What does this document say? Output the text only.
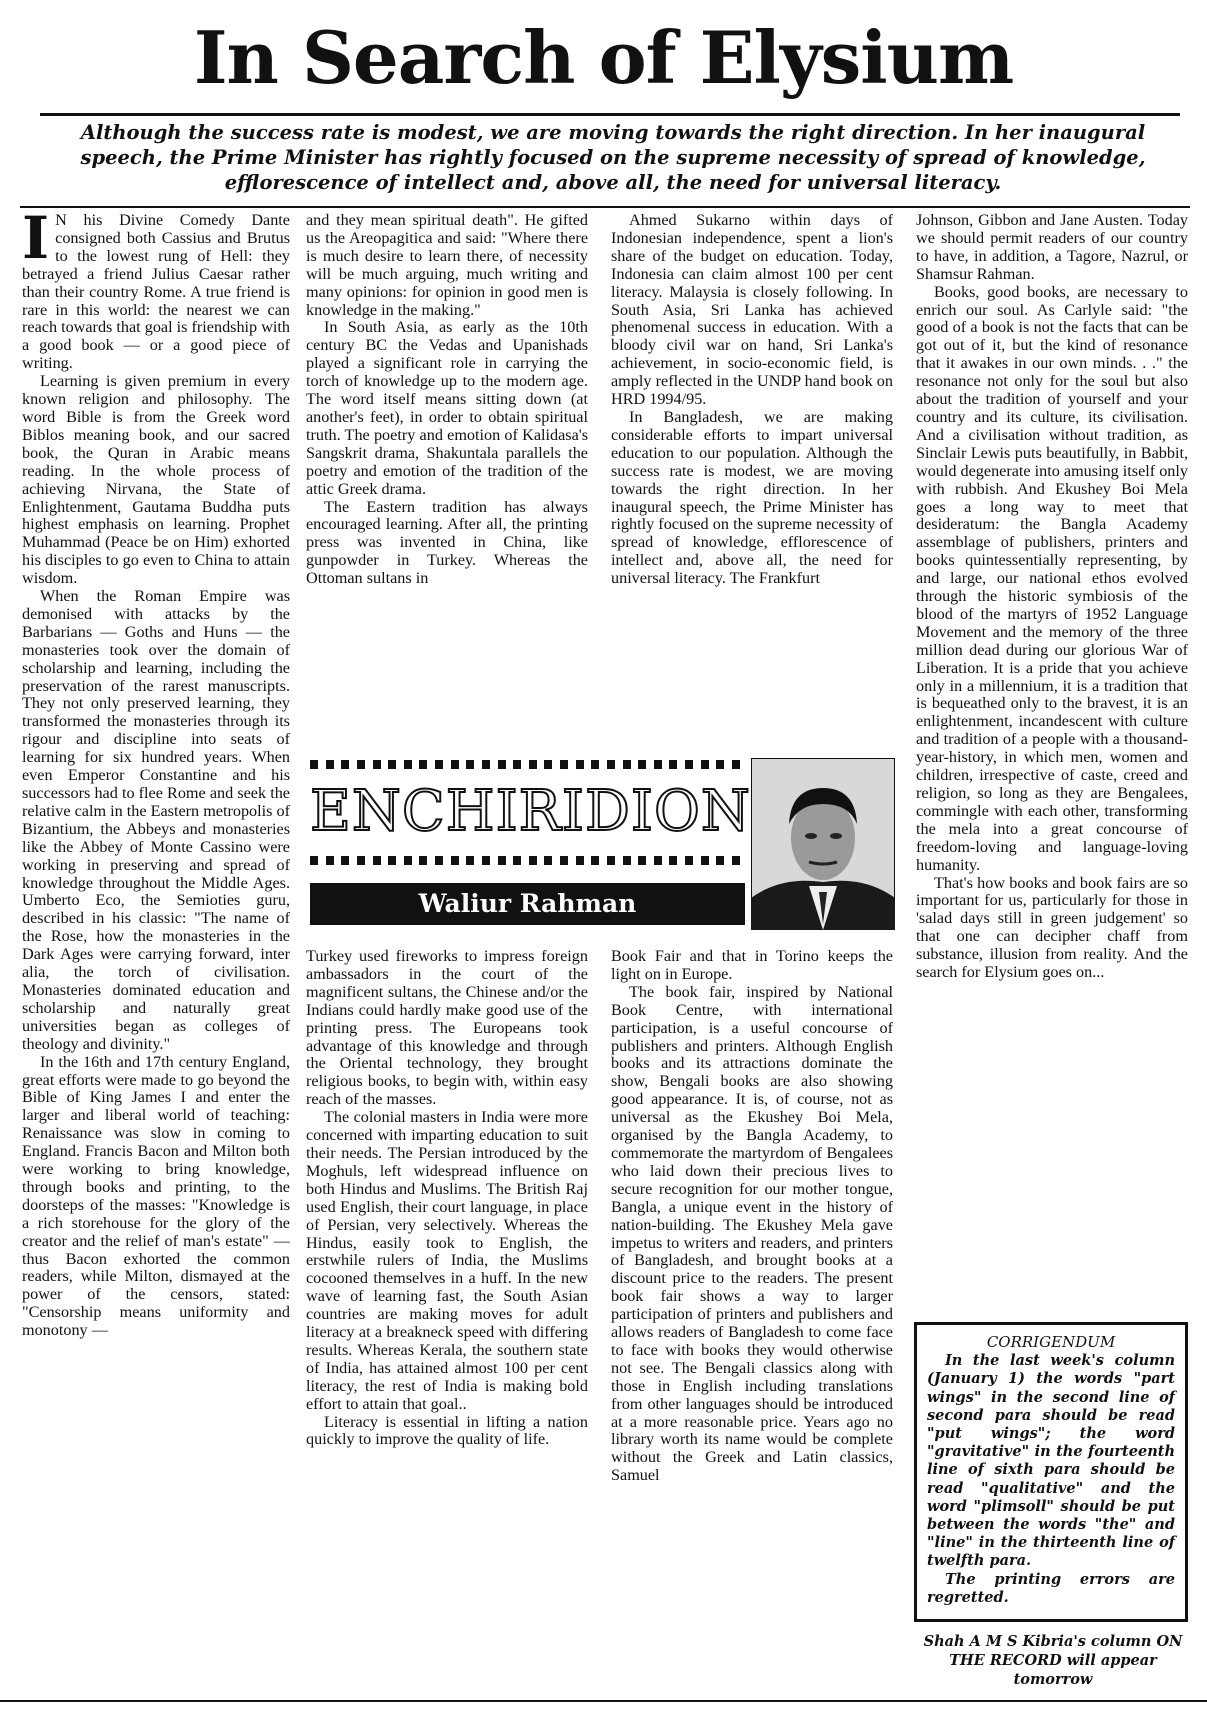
In Search of Elysium
Although the success rate is modest, we are moving towards the right direction. In her inaugural speech, the Prime Minister has rightly focused on the supreme necessity of spread of knowledge, efflorescence of intellect and, above all, the need for universal literacy.

I N his Divine Comedy Dante consigned both Cassius and Brutus to the lowest rung of Hell: they betrayed a friend Julius Caesar rather than their country Rome. A true friend is rare in this world: the nearest we can reach towards that goal is friendship with a good book — or a good piece of writing.

Learning is given premium in every known religion and philosophy. The word Bible is from the Greek word Biblos meaning book, and our sacred book, the Quran in Arabic means reading. In the whole process of achieving Nirvana, the State of Enlightenment, Gautama Buddha puts highest emphasis on learning. Prophet Muhammad (Peace be on Him) exhorted his disciples to go even to China to attain wisdom.

When the Roman Empire was demonised with attacks by the Barbarians — Goths and Huns — the monasteries took over the domain of scholarship and learning, including the preservation of the rarest manuscripts. They not only preserved learning, they transformed the monasteries through its rigour and discipline into seats of learning for six hundred years. When even Emperor Constantine and his successors had to flee Rome and seek the relative calm in the Eastern metropolis of Bizantium, the Abbeys and monasteries like the Abbey of Monte Cassino were working in preserving and spread of knowledge throughout the Middle Ages. Umberto Eco, the Semioties guru, described in his classic: "The name of the Rose, how the monasteries in the Dark Ages were carrying forward, inter alia, the torch of civilisation. Monasteries dominated education and scholarship and naturally great universities began as colleges of theology and divinity."

In the 16th and 17th century England, great efforts were made to go beyond the Bible of King James I and enter the larger and liberal world of teaching: Renaissance was slow in coming to England. Francis Bacon and Milton both were working to bring knowledge, through books and printing, to the doorsteps of the masses: "Knowledge is a rich storehouse for the glory of the creator and the relief of man's estate" — thus Bacon exhorted the common readers, while Milton, dismayed at the power of the censors, stated: "Censorship means uniformity and monotony —

and they mean spiritual death". He gifted us the Areopagitica and said: "Where there is much desire to learn there, of necessity will be much arguing, much writing and many opinions: for opinion in good men is knowledge in the making."

In South Asia, as early as the 10th century BC the Vedas and Upanishads played a significant role in carrying the torch of knowledge up to the modern age. The word itself means sitting down (at another's feet), in order to obtain spiritual truth. The poetry and emotion of Kalidasa's Sangskrit drama, Shakuntala parallels the poetry and emotion of the tradition of the attic Greek drama.

The Eastern tradition has always encouraged learning. After all, the printing press was invented in China, like gunpowder in Turkey. Whereas the Ottoman sultans in

Ahmed Sukarno within days of Indonesian independence, spent a lion's share of the budget on education. Today, Indonesia can claim almost 100 per cent literacy. Malaysia is closely following. In South Asia, Sri Lanka has achieved phenomenal success in education. With a bloody civil war on hand, Sri Lanka's achievement, in socio-economic field, is amply reflected in the UNDP hand book on HRD 1994/95.

In Bangladesh, we are making considerable efforts to impart universal education to our population. Although the success rate is modest, we are moving towards the right direction. In her inaugural speech, the Prime Minister has rightly focused on the supreme necessity of spread of knowledge, efflorescence of intellect and, above all, the need for universal literacy. The Frankfurt

Johnson, Gibbon and Jane Austen. Today we should permit readers of our country to have, in addition, a Tagore, Nazrul, or Shamsur Rahman.

Books, good books, are necessary to enrich our soul. As Carlyle said: "the good of a book is not the facts that can be got out of it, but the kind of resonance that it awakes in our own minds. . ." the resonance not only for the soul but also about the tradition of yourself and your country and its culture, its civilisation. And a civilisation without tradition, as Sinclair Lewis puts beautifully, in Babbit, would degenerate into amusing itself only with rubbish. And Ekushey Boi Mela goes a long way to meet that desideratum: the Bangla Academy assemblage of publishers, printers and books quintessentially representing, by and large, our national ethos evolved through the historic symbiosis of the blood of the martyrs of 1952 Language Movement and the memory of the three million dead during our glorious War of Liberation. It is a pride that you achieve only in a millennium, it is a tradition that is bequeathed only to the bravest, it is an enlightenment, incandescent with culture and tradition of a people with a thousand-year-history, in which men, women and children, irrespective of caste, creed and religion, so long as they are Bengalees, commingle with each other, transforming the mela into a great concourse of freedom-loving and language-loving humanity.

That's how books and book fairs are so important for us, particularly for those in 'salad days still in green judgement' so that one can decipher chaff from substance, illusion from reality. And the search for Elysium goes on...

ENCHIRIDION
Waliur Rahman

Turkey used fireworks to impress foreign ambassadors in the court of the magnificent sultans, the Chinese and/or the Indians could hardly make good use of the printing press. The Europeans took advantage of this knowledge and through the Oriental technology, they brought religious books, to begin with, within easy reach of the masses.

The colonial masters in India were more concerned with imparting education to suit their needs. The Persian introduced by the Moghuls, left widespread influence on both Hindus and Muslims. The British Raj used English, their court language, in place of Persian, very selectively. Whereas the Hindus, easily took to English, the erstwhile rulers of India, the Muslims cocooned themselves in a huff. In the new wave of learning fast, the South Asian countries are making moves for adult literacy at a breakneck speed with differing results. Whereas Kerala, the southern state of India, has attained almost 100 per cent literacy, the rest of India is making bold effort to attain that goal..

Literacy is essential in lifting a nation quickly to improve the quality of life.

Book Fair and that in Torino keeps the light on in Europe.

The book fair, inspired by National Book Centre, with international participation, is a useful concourse of publishers and printers. Although English books and its attractions dominate the show, Bengali books are also showing good appearance. It is, of course, not as universal as the Ekushey Boi Mela, organised by the Bangla Academy, to commemorate the martyrdom of Bengalees who laid down their precious lives to secure recognition for our mother tongue, Bangla, a unique event in the history of nation-building. The Ekushey Mela gave impetus to writers and readers, and printers of Bangladesh, and brought books at a discount price to the readers. The present book fair shows a way to larger participation of printers and publishers and allows readers of Bangladesh to come face to face with books they would otherwise not see. The Bengali classics along with those in English including translations from other languages should be introduced at a more reasonable price. Years ago no library worth its name would be complete without the Greek and Latin classics, Samuel

CORRIGENDUM

In the last week's column (January 1) the words "part wings" in the second line of second para should be read "put wings"; the word "gravitative" in the fourteenth line of sixth para should be read "qualitative" and the word "plimsoll" should be put between the words "the" and "line" in the thirteenth line of twelfth para.

The printing errors are regretted.

Shah A M S Kibria's column ON THE RECORD will appear tomorrow
